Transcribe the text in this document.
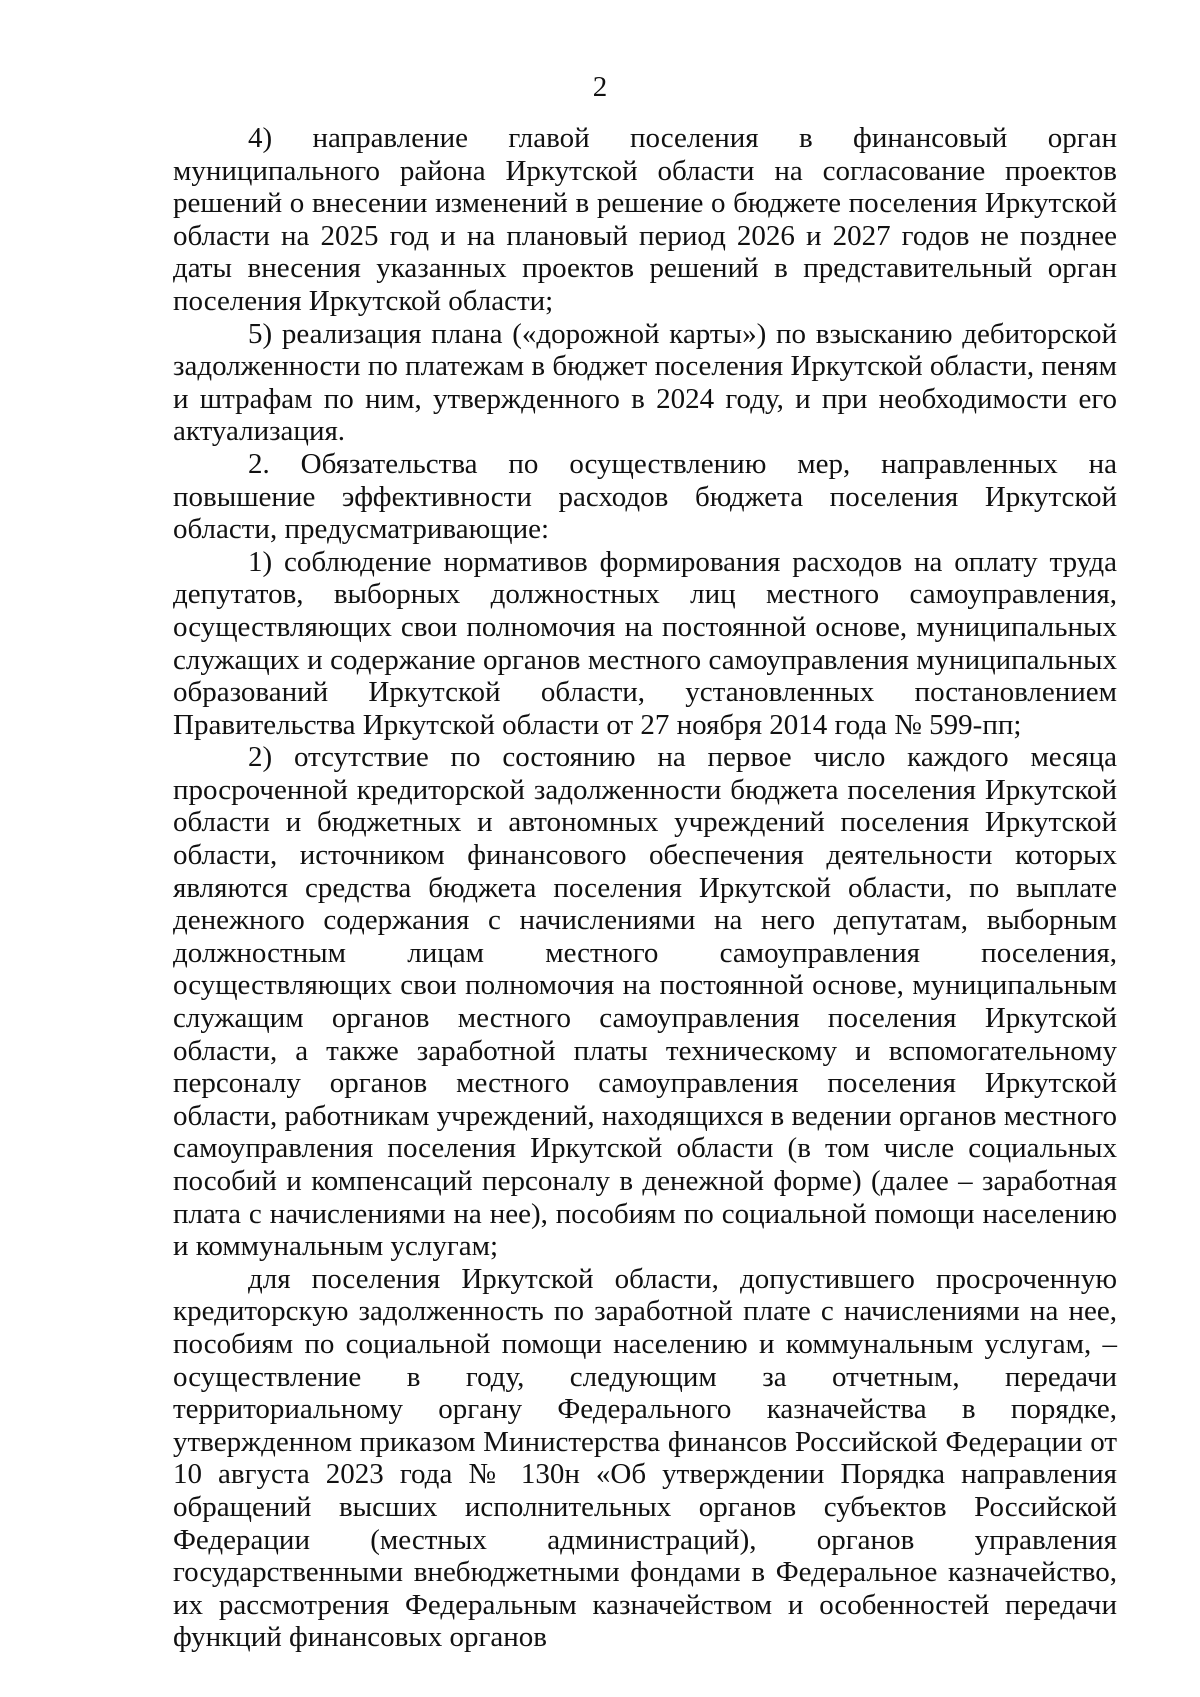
2

4) направление главой поселения в финансовый орган муниципального района Иркутской области на согласование проектов решений о внесении изменений в решение о бюджете поселения Иркутской области на 2025 год и на плановый период 2026 и 2027 годов не позднее даты внесения указанных проектов решений в представительный орган поселения Иркутской области;

5) реализация плана («дорожной карты») по взысканию дебиторской задолженности по платежам в бюджет поселения Иркутской области, пеням и штрафам по ним, утвержденного в 2024 году, и при необходимости его актуализация.

2. Обязательства по осуществлению мер, направленных на повышение эффективности расходов бюджета поселения Иркутской области, предусматривающие:

1) соблюдение нормативов формирования расходов на оплату труда депутатов, выборных должностных лиц местного самоуправления, осуществляющих свои полномочия на постоянной основе, муниципальных служащих и содержание органов местного самоуправления муниципальных образований Иркутской области, установленных постановлением Правительства Иркутской области от 27 ноября 2014 года № 599-пп;

2) отсутствие по состоянию на первое число каждого месяца просроченной кредиторской задолженности бюджета поселения Иркутской области и бюджетных и автономных учреждений поселения Иркутской области, источником финансового обеспечения деятельности которых являются средства бюджета поселения Иркутской области, по выплате денежного содержания с начислениями на него депутатам, выборным должностным лицам местного самоуправления поселения, осуществляющих свои полномочия на постоянной основе, муниципальным служащим органов местного самоуправления поселения Иркутской области, а также заработной платы техническому и вспомогательному персоналу органов местного самоуправления поселения Иркутской области, работникам учреждений, находящихся в ведении органов местного самоуправления поселения Иркутской области (в том числе социальных пособий и компенсаций персоналу в денежной форме) (далее – заработная плата с начислениями на нее), пособиям по социальной помощи населению и коммунальным услугам;

для поселения Иркутской области, допустившего просроченную кредиторскую задолженность по заработной плате с начислениями на нее, пособиям по социальной помощи населению и коммунальным услугам, – осуществление в году, следующим за отчетным, передачи территориальному органу Федерального казначейства в порядке, утвержденном приказом Министерства финансов Российской Федерации от 10 августа 2023 года № 130н «Об утверждении Порядка направления обращений высших исполнительных органов субъектов Российской Федерации (местных администраций), органов управления государственными внебюджетными фондами в Федеральное казначейство, их рассмотрения Федеральным казначейством и особенностей передачи функций финансовых органов
